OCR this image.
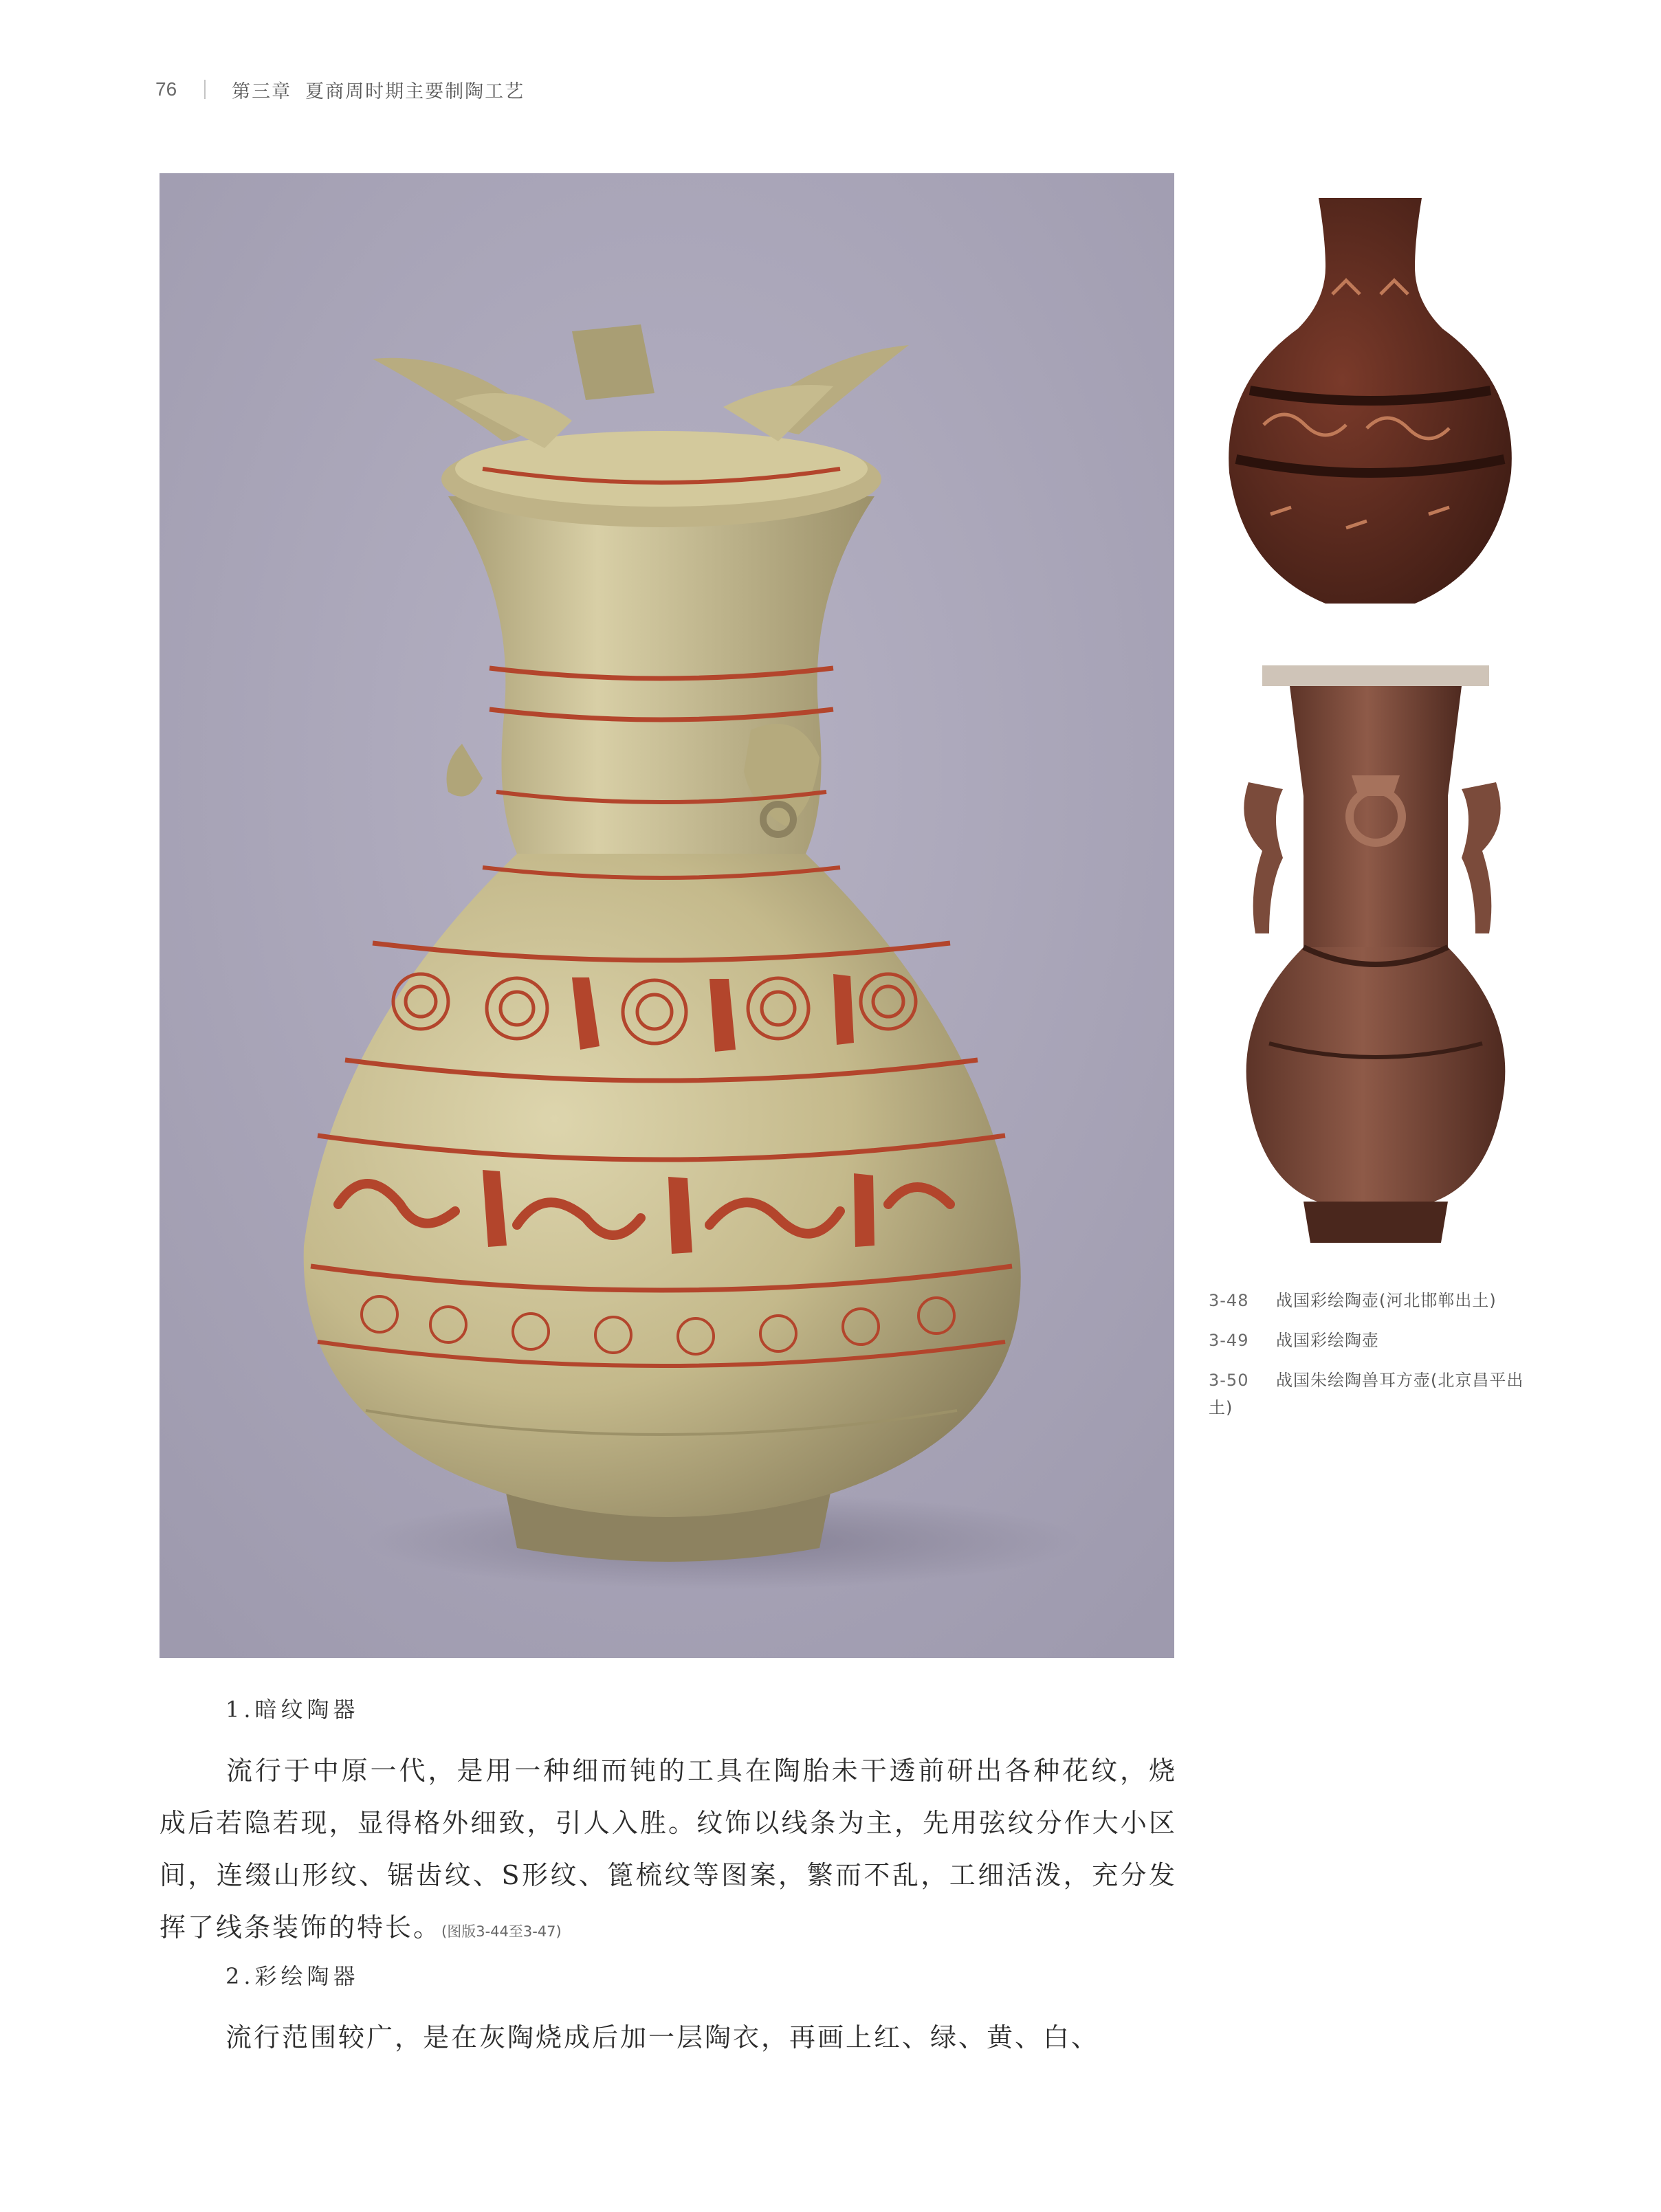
76	第三章 夏商周时期主要制陶工艺
3-48	战国彩绘陶壶(河北邯郸出土)
3-49	战国彩绘陶壶
3-50 战国朱绘陶兽耳方壶(北京昌平出土)
1.暗纹陶器

流行于中原一代，是用一种细而钝的工具在陶胎未干透前研出各种花纹，烧成后若隐若现，显得格外细致，引人入胜。纹饰以线条为主，先用弦纹分作大小区间，连缀山形纹、锯齿纹、S形纹、篦梳纹等图案，繁而不乱，工细活泼，充分发挥了线条装饰的特长。(图版3-44至3-47)

2.彩绘陶器

流行范围较广，是在灰陶烧成后加一层陶衣，再画上红、绿、黄、白、
